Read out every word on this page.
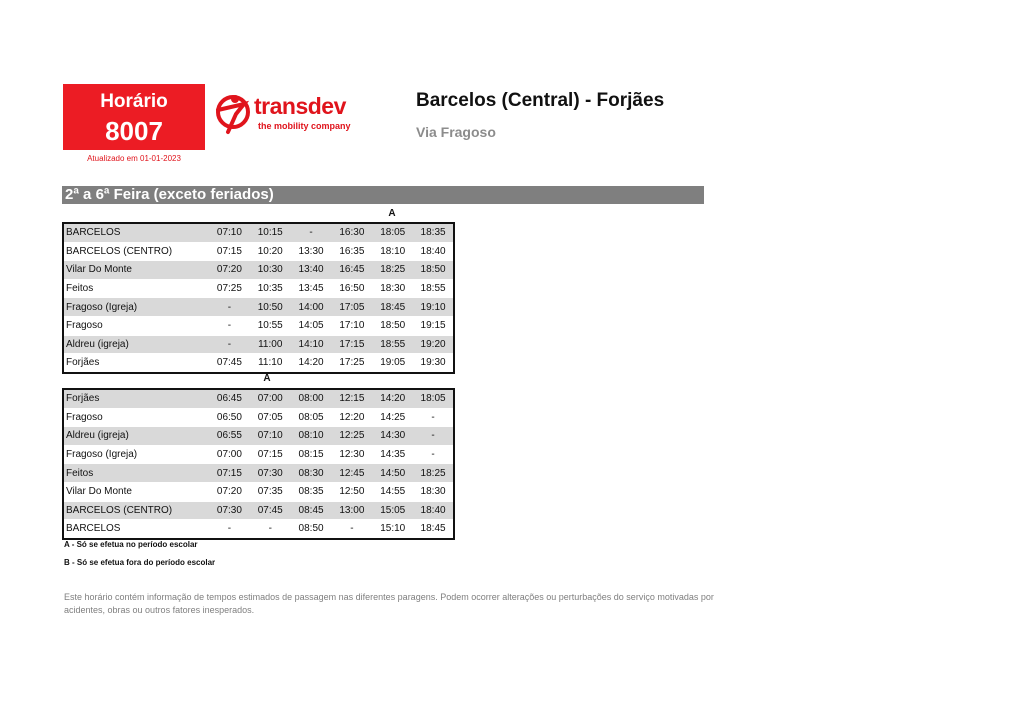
Horário
8007
Atualizado em 01-01-2023
transdev
the mobility company
Barcelos (Central) - Forjães
Via Fragoso
2ª a 6ª Feira (exceto feriados)
A
BARCELOS	07:10	10:15	-	16:30	18:05	18:35
BARCELOS (CENTRO)	07:15	10:20	13:30	16:35	18:10	18:40
Vilar Do Monte	07:20	10:30	13:40	16:45	18:25	18:50
Feitos	07:25	10:35	13:45	16:50	18:30	18:55
Fragoso (Igreja)	-	10:50	14:00	17:05	18:45	19:10
Fragoso	-	10:55	14:05	17:10	18:50	19:15
Aldreu (igreja)	-	11:00	14:10	17:15	18:55	19:20
Forjães	07:45	11:10	14:20	17:25	19:05	19:30
A
Forjães	06:45	07:00	08:00	12:15	14:20	18:05
Fragoso	06:50	07:05	08:05	12:20	14:25	-
Aldreu (igreja)	06:55	07:10	08:10	12:25	14:30	-
Fragoso (Igreja)	07:00	07:15	08:15	12:30	14:35	-
Feitos	07:15	07:30	08:30	12:45	14:50	18:25
Vilar Do Monte	07:20	07:35	08:35	12:50	14:55	18:30
BARCELOS (CENTRO)	07:30	07:45	08:45	13:00	15:05	18:40
BARCELOS	-	-	08:50	-	15:10	18:45
A - Só se efetua no período escolar
B - Só se efetua fora do período escolar
Este horário contém informação de tempos estimados de passagem nas diferentes paragens. Podem ocorrer alterações ou perturbações do serviço motivadas por acidentes, obras ou outros fatores inesperados.
